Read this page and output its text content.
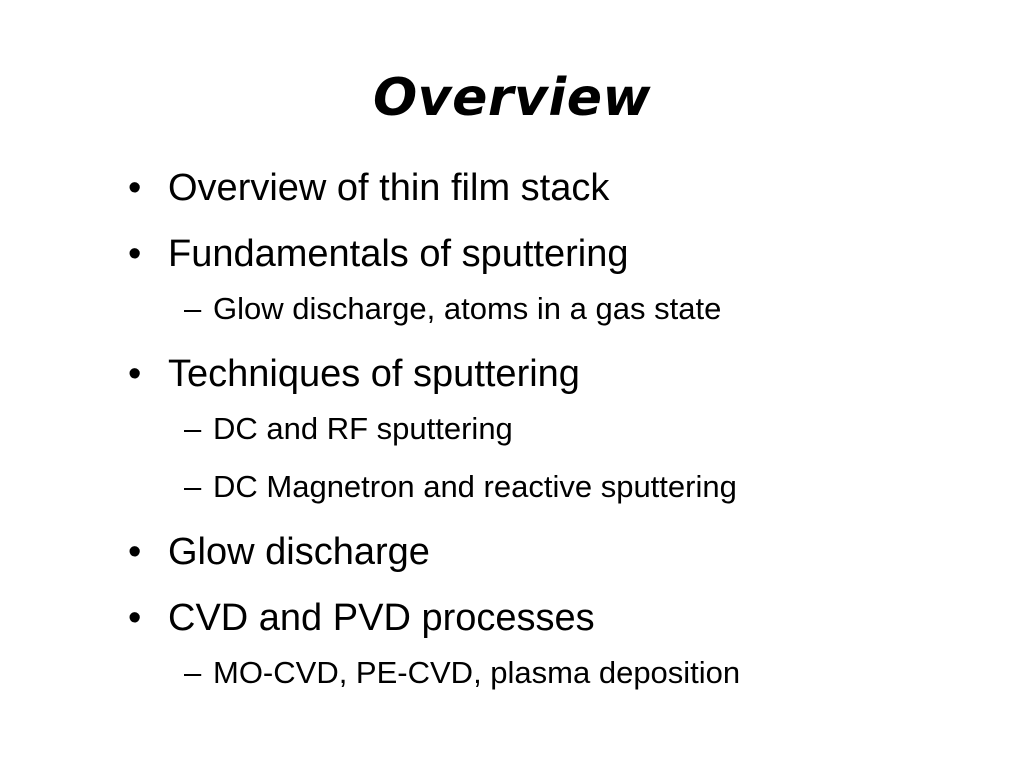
Overview
• Overview of thin film stack
• Fundamentals of sputtering
– Glow discharge, atoms in a gas state
• Techniques of sputtering
– DC and RF sputtering
– DC Magnetron and reactive sputtering
• Glow discharge
• CVD and PVD processes
– MO-CVD, PE-CVD, plasma deposition
